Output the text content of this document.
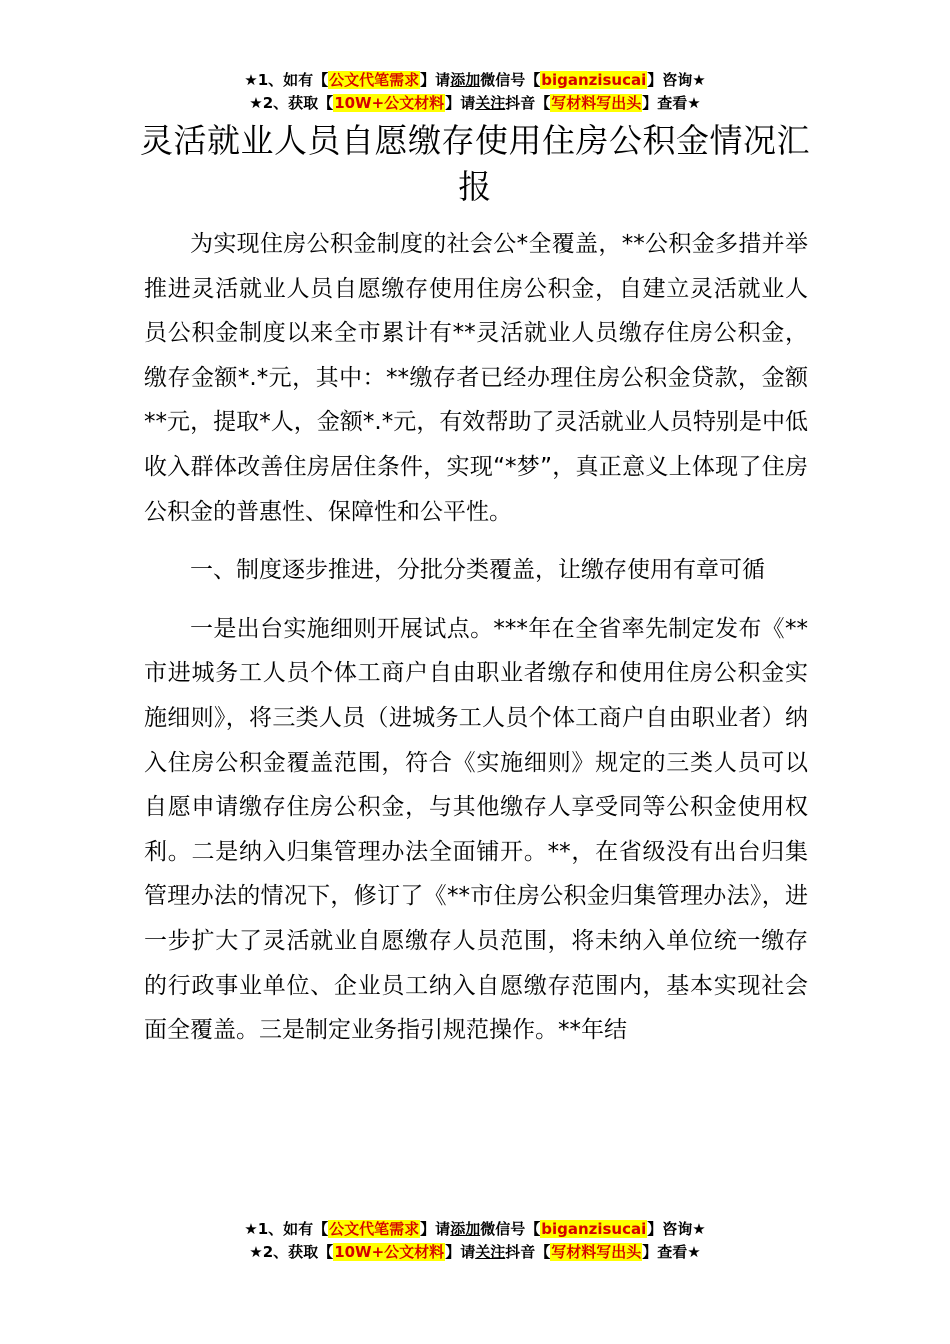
★1、如有【公文代笔需求】请添加微信号【biganzisucai】咨询★
★2、获取【10W+公文材料】请关注抖音【写材料写出头】查看★
灵活就业人员自愿缴存使用住房公积金情况汇报

为实现住房公积金制度的社会公*全覆盖，**公积金多措并举推进灵活就业人员自愿缴存使用住房公积金，自建立灵活就业人员公积金制度以来全市累计有**灵活就业人员缴存住房公积金，缴存金额*.*元，其中：**缴存者已经办理住房公积金贷款，金额**元，提取*人，金额*.*元，有效帮助了灵活就业人员特别是中低收入群体改善住房居住条件，实现“*梦”，真正意义上体现了住房公积金的普惠性、保障性和公平性。

一、制度逐步推进，分批分类覆盖，让缴存使用有章可循

一是出台实施细则开展试点。***年在全省率先制定发布《**市进城务工人员个体工商户自由职业者缴存和使用住房公积金实施细则》，将三类人员（进城务工人员个体工商户自由职业者）纳入住房公积金覆盖范围，符合《实施细则》规定的三类人员可以自愿申请缴存住房公积金，与其他缴存人享受同等公积金使用权利。二是纳入归集管理办法全面铺开。**，在省级没有出台归集管理办法的情况下，修订了《**市住房公积金归集管理办法》，进一步扩大了灵活就业自愿缴存人员范围，将未纳入单位统一缴存的行政事业单位、企业员工纳入自愿缴存范围内，基本实现社会面全覆盖。三是制定业务指引规范操作。**年结

★1、如有【公文代笔需求】请添加微信号【biganzisucai】咨询★
★2、获取【10W+公文材料】请关注抖音【写材料写出头】查看★
